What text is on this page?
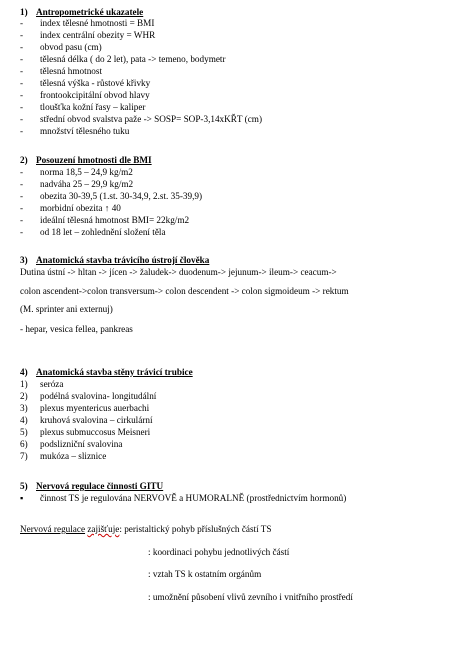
1) Antropometrické ukazatele
- index tělesné hmotnosti = BMI
- index centrální obezity = WHR
- obvod pasu (cm)
- tělesná délka ( do 2 let), pata -> temeno, bodymetr
- tělesná hmotnost
- tělesná výška - růstové křivky
- frontookcipitální obvod hlavy
- tloušťka kožní řasy – kaliper
- střední obvod svalstva paže -> SOSP= SOP-3,14xKŘT (cm)
- množství tělesného tuku
2) Posouzení hmotnosti dle BMI
- norma 18,5 – 24,9 kg/m2
- nadváha 25 – 29,9 kg/m2
- obezita 30-39,5 (1.st. 30-34,9, 2.st. 35-39,9)
- morbidní obezita ↑ 40
- ideální tělesná hmotnost BMI= 22kg/m2
- od 18 let – zohlednění složení těla
3) Anatomická stavba trávicího ústrojí člověka
Dutina ústní -> hltan -> jícen -> žaludek-> duodenum-> jejunum-> ileum-> ceacum->
colon ascendent->colon transversum-> colon descendent -> colon sigmoideum -> rektum
(M. sprinter ani externuj)
- hepar, vesica fellea, pankreas
4) Anatomická stavba stěny trávicí trubice
1) seróza
2) podélná svalovina- longitudální
3) plexus myentericus auerbachi
4) kruhová svalovina – cirkulární
5) plexus submuccosus Meisneri
6) podslizniční svalovina
7) mukóza – sliznice
5) Nervová regulace činnosti GITU
▪ činnost TS je regulována NERVOVĚ a HUMORALNĚ (prostřednictvím hormonů)
Nervová regulace zajišťuje: peristaltický pohyb příslušných částí TS
: koordinaci pohybu jednotlivých částí
: vztah TS k ostatním orgánům
: umožnění působení vlivů zevního i vnitřního prostředí
